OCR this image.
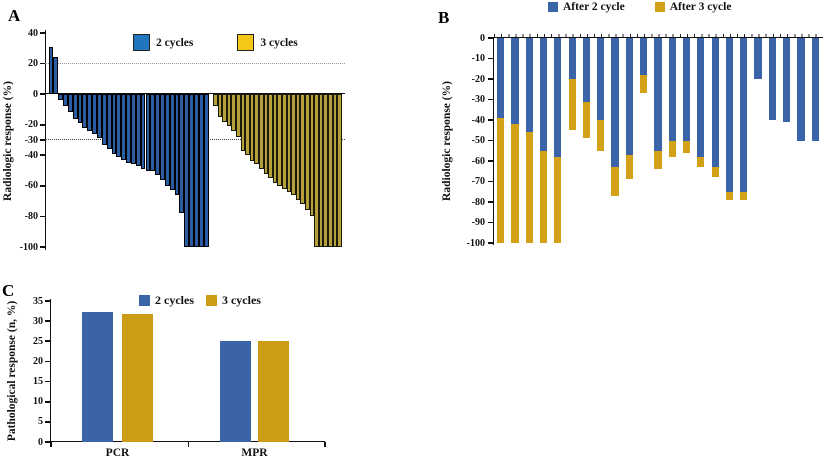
A
Radiologic response (%)
2 cycles	3 cycles
40
20
0
-20
-30
-40
-60
-80
-100
B
Radiologic response (%)
After 2 cycle	After 3 cycle
0
-10
-20
-30
-40
-50
-60
-70
-80
-90
-100
C
Pathological response (n, %)
2 cycles 3 cycles
35
30
25
20
15
10
5
0
PCR	MPR
